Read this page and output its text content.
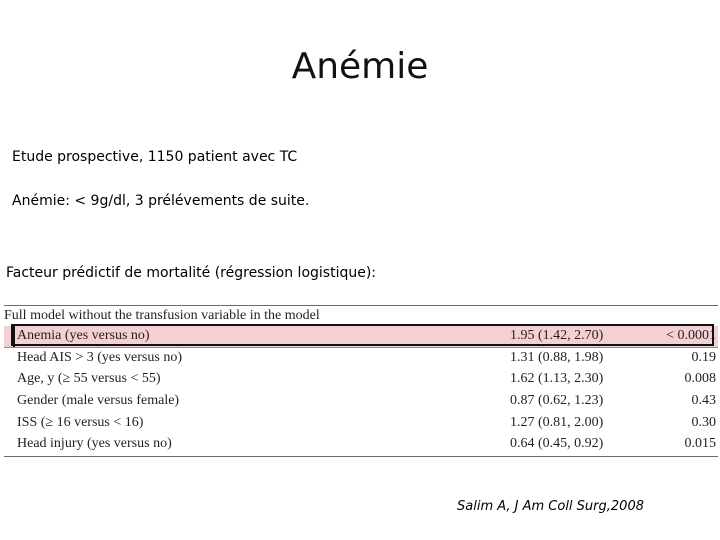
Anémie
Etude prospective, 1150 patient avec TC
Anémie: < 9g/dl, 3 prélévements de suite.
Facteur prédictif de mortalité (régression logistique):
Full model without the transfusion variable in the model
Anemia (yes versus no)	1.95 (1.42, 2.70)	< 0.0001
Head AIS > 3 (yes versus no)	1.31 (0.88, 1.98)	0.19
Age, y (≥ 55 versus < 55)	1.62 (1.13, 2.30)	0.008
Gender (male versus female)	0.87 (0.62, 1.23)	0.43
ISS (≥ 16 versus < 16)	1.27 (0.81, 2.00)	0.30
Head injury (yes versus no)	0.64 (0.45, 0.92)	0.015
Salim A, J Am Coll Surg,2008
